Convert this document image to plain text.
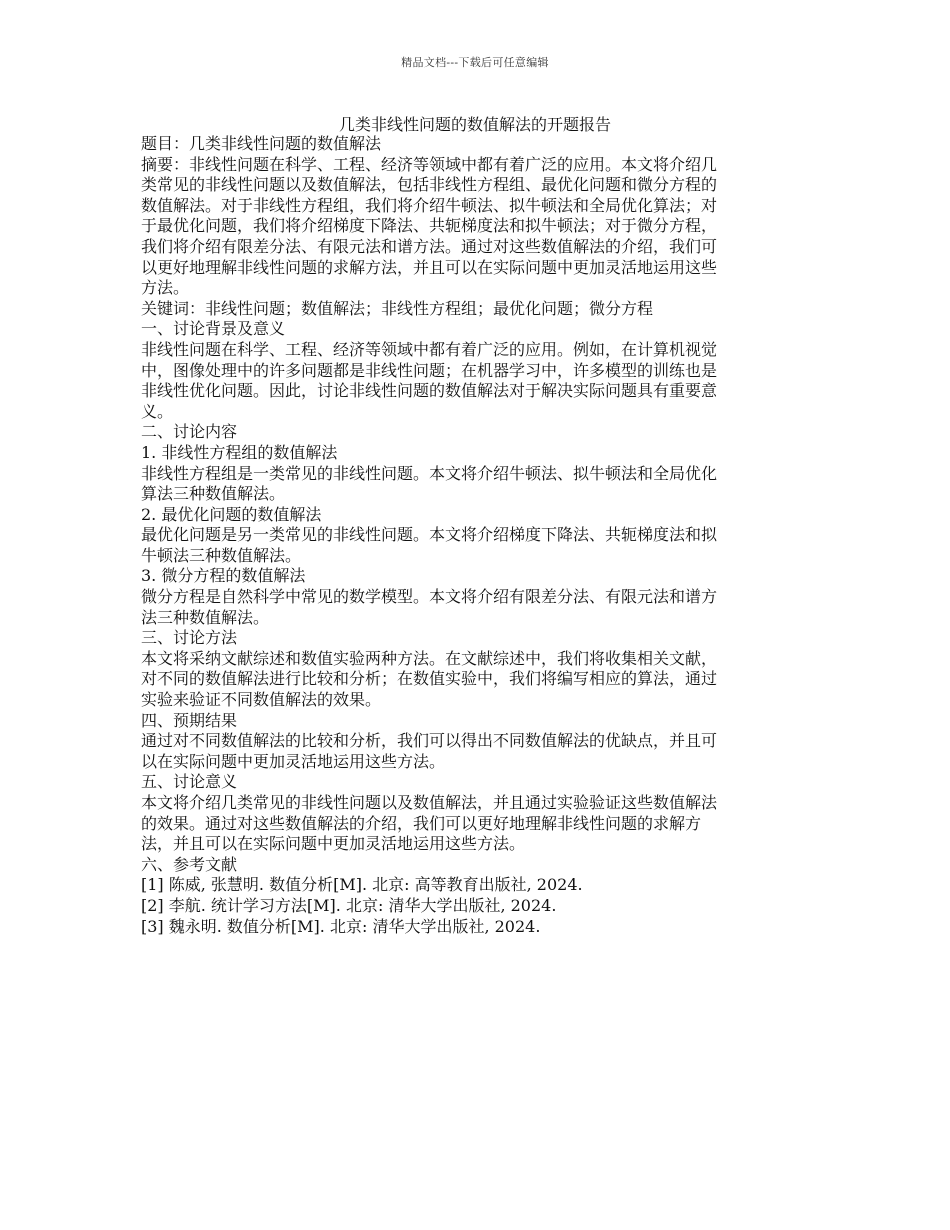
精品文档---下载后可任意编辑
几类非线性问题的数值解法的开题报告
题目：几类非线性问题的数值解法
摘要：非线性问题在科学、工程、经济等领域中都有着广泛的应用。本文将介绍几
类常见的非线性问题以及数值解法，包括非线性方程组、最优化问题和微分方程的
数值解法。对于非线性方程组，我们将介绍牛顿法、拟牛顿法和全局优化算法；对
于最优化问题，我们将介绍梯度下降法、共轭梯度法和拟牛顿法；对于微分方程，
我们将介绍有限差分法、有限元法和谱方法。通过对这些数值解法的介绍，我们可
以更好地理解非线性问题的求解方法，并且可以在实际问题中更加灵活地运用这些
方法。
关键词：非线性问题；数值解法；非线性方程组；最优化问题；微分方程
一、讨论背景及意义
非线性问题在科学、工程、经济等领域中都有着广泛的应用。例如，在计算机视觉
中，图像处理中的许多问题都是非线性问题；在机器学习中，许多模型的训练也是
非线性优化问题。因此，讨论非线性问题的数值解法对于解决实际问题具有重要意
义。
二、讨论内容
1. 非线性方程组的数值解法
非线性方程组是一类常见的非线性问题。本文将介绍牛顿法、拟牛顿法和全局优化
算法三种数值解法。
2. 最优化问题的数值解法
最优化问题是另一类常见的非线性问题。本文将介绍梯度下降法、共轭梯度法和拟
牛顿法三种数值解法。
3. 微分方程的数值解法
微分方程是自然科学中常见的数学模型。本文将介绍有限差分法、有限元法和谱方
法三种数值解法。
三、讨论方法
本文将采纳文献综述和数值实验两种方法。在文献综述中，我们将收集相关文献，
对不同的数值解法进行比较和分析；在数值实验中，我们将编写相应的算法，通过
实验来验证不同数值解法的效果。
四、预期结果
通过对不同数值解法的比较和分析，我们可以得出不同数值解法的优缺点，并且可
以在实际问题中更加灵活地运用这些方法。
五、讨论意义
本文将介绍几类常见的非线性问题以及数值解法，并且通过实验验证这些数值解法
的效果。通过对这些数值解法的介绍，我们可以更好地理解非线性问题的求解方
法，并且可以在实际问题中更加灵活地运用这些方法。
六、参考文献
[1] 陈威, 张慧明. 数值分析[M]. 北京: 高等教育出版社, 2024.
[2] 李航. 统计学习方法[M]. 北京: 清华大学出版社, 2024.
[3] 魏永明. 数值分析[M]. 北京: 清华大学出版社, 2024.
